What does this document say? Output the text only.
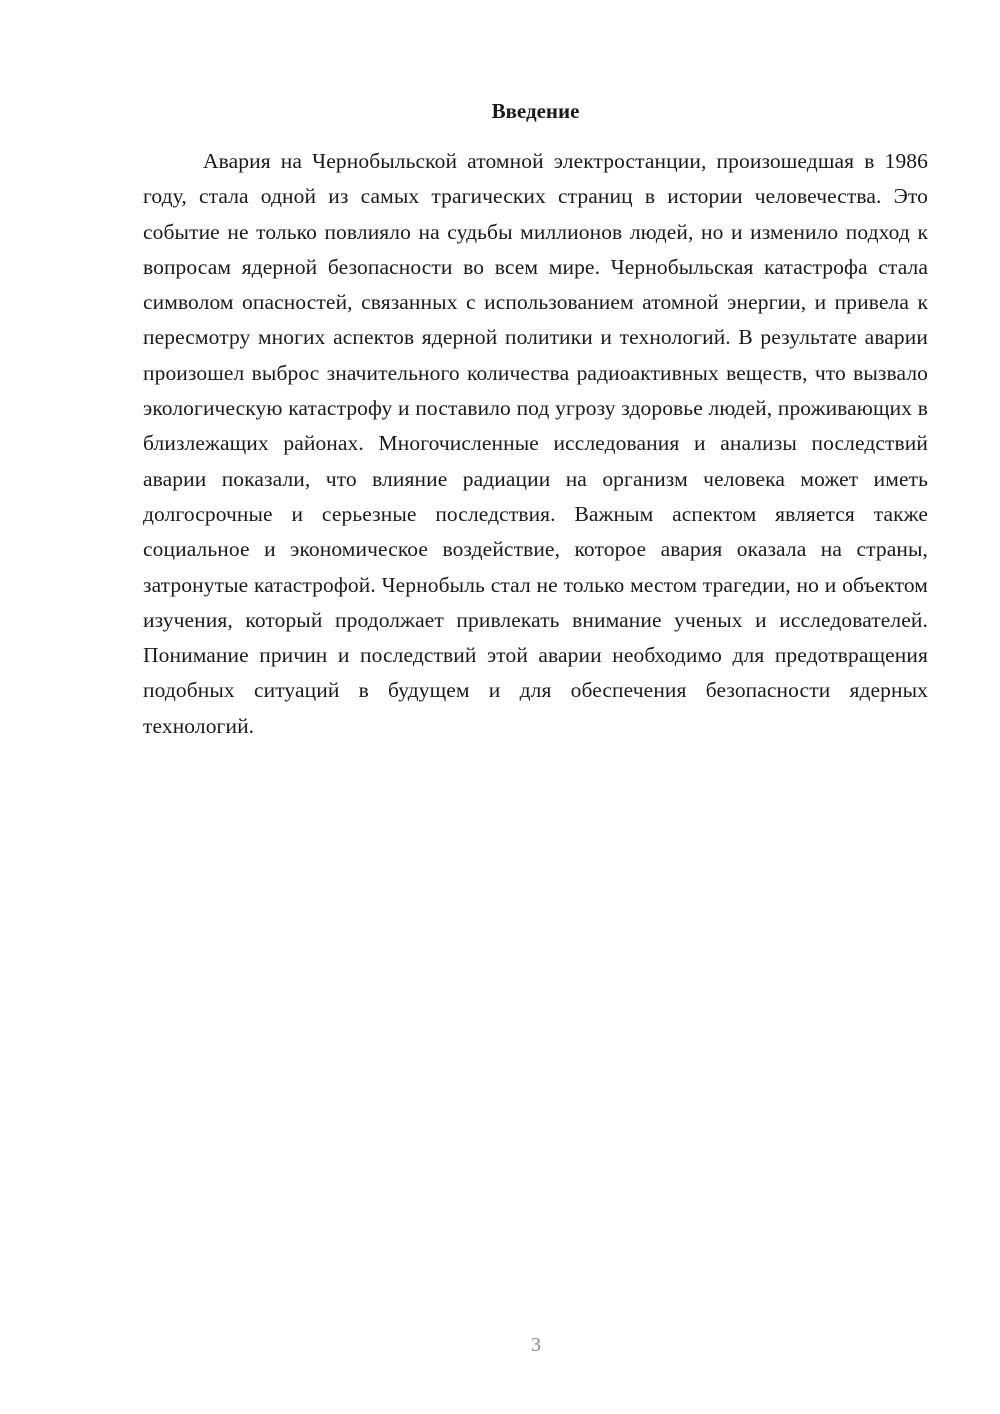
Введение

Авария на Чернобыльской атомной электростанции, произошедшая в 1986 году, стала одной из самых трагических страниц в истории человечества. Это событие не только повлияло на судьбы миллионов людей, но и изменило подход к вопросам ядерной безопасности во всем мире. Чернобыльская катастрофа стала символом опасностей, связанных с использованием атомной энергии, и привела к пересмотру многих аспектов ядерной политики и технологий. В результате аварии произошел выброс значительного количества радиоактивных веществ, что вызвало экологическую катастрофу и поставило под угрозу здоровье людей, проживающих в близлежащих районах. Многочисленные исследования и анализы последствий аварии показали, что влияние радиации на организм человека может иметь долгосрочные и серьезные последствия. Важным аспектом является также социальное и экономическое воздействие, которое авария оказала на страны, затронутые катастрофой. Чернобыль стал не только местом трагедии, но и объектом изучения, который продолжает привлекать внимание ученых и исследователей. Понимание причин и последствий этой аварии необходимо для предотвращения подобных ситуаций в будущем и для обеспечения безопасности ядерных технологий.

3
